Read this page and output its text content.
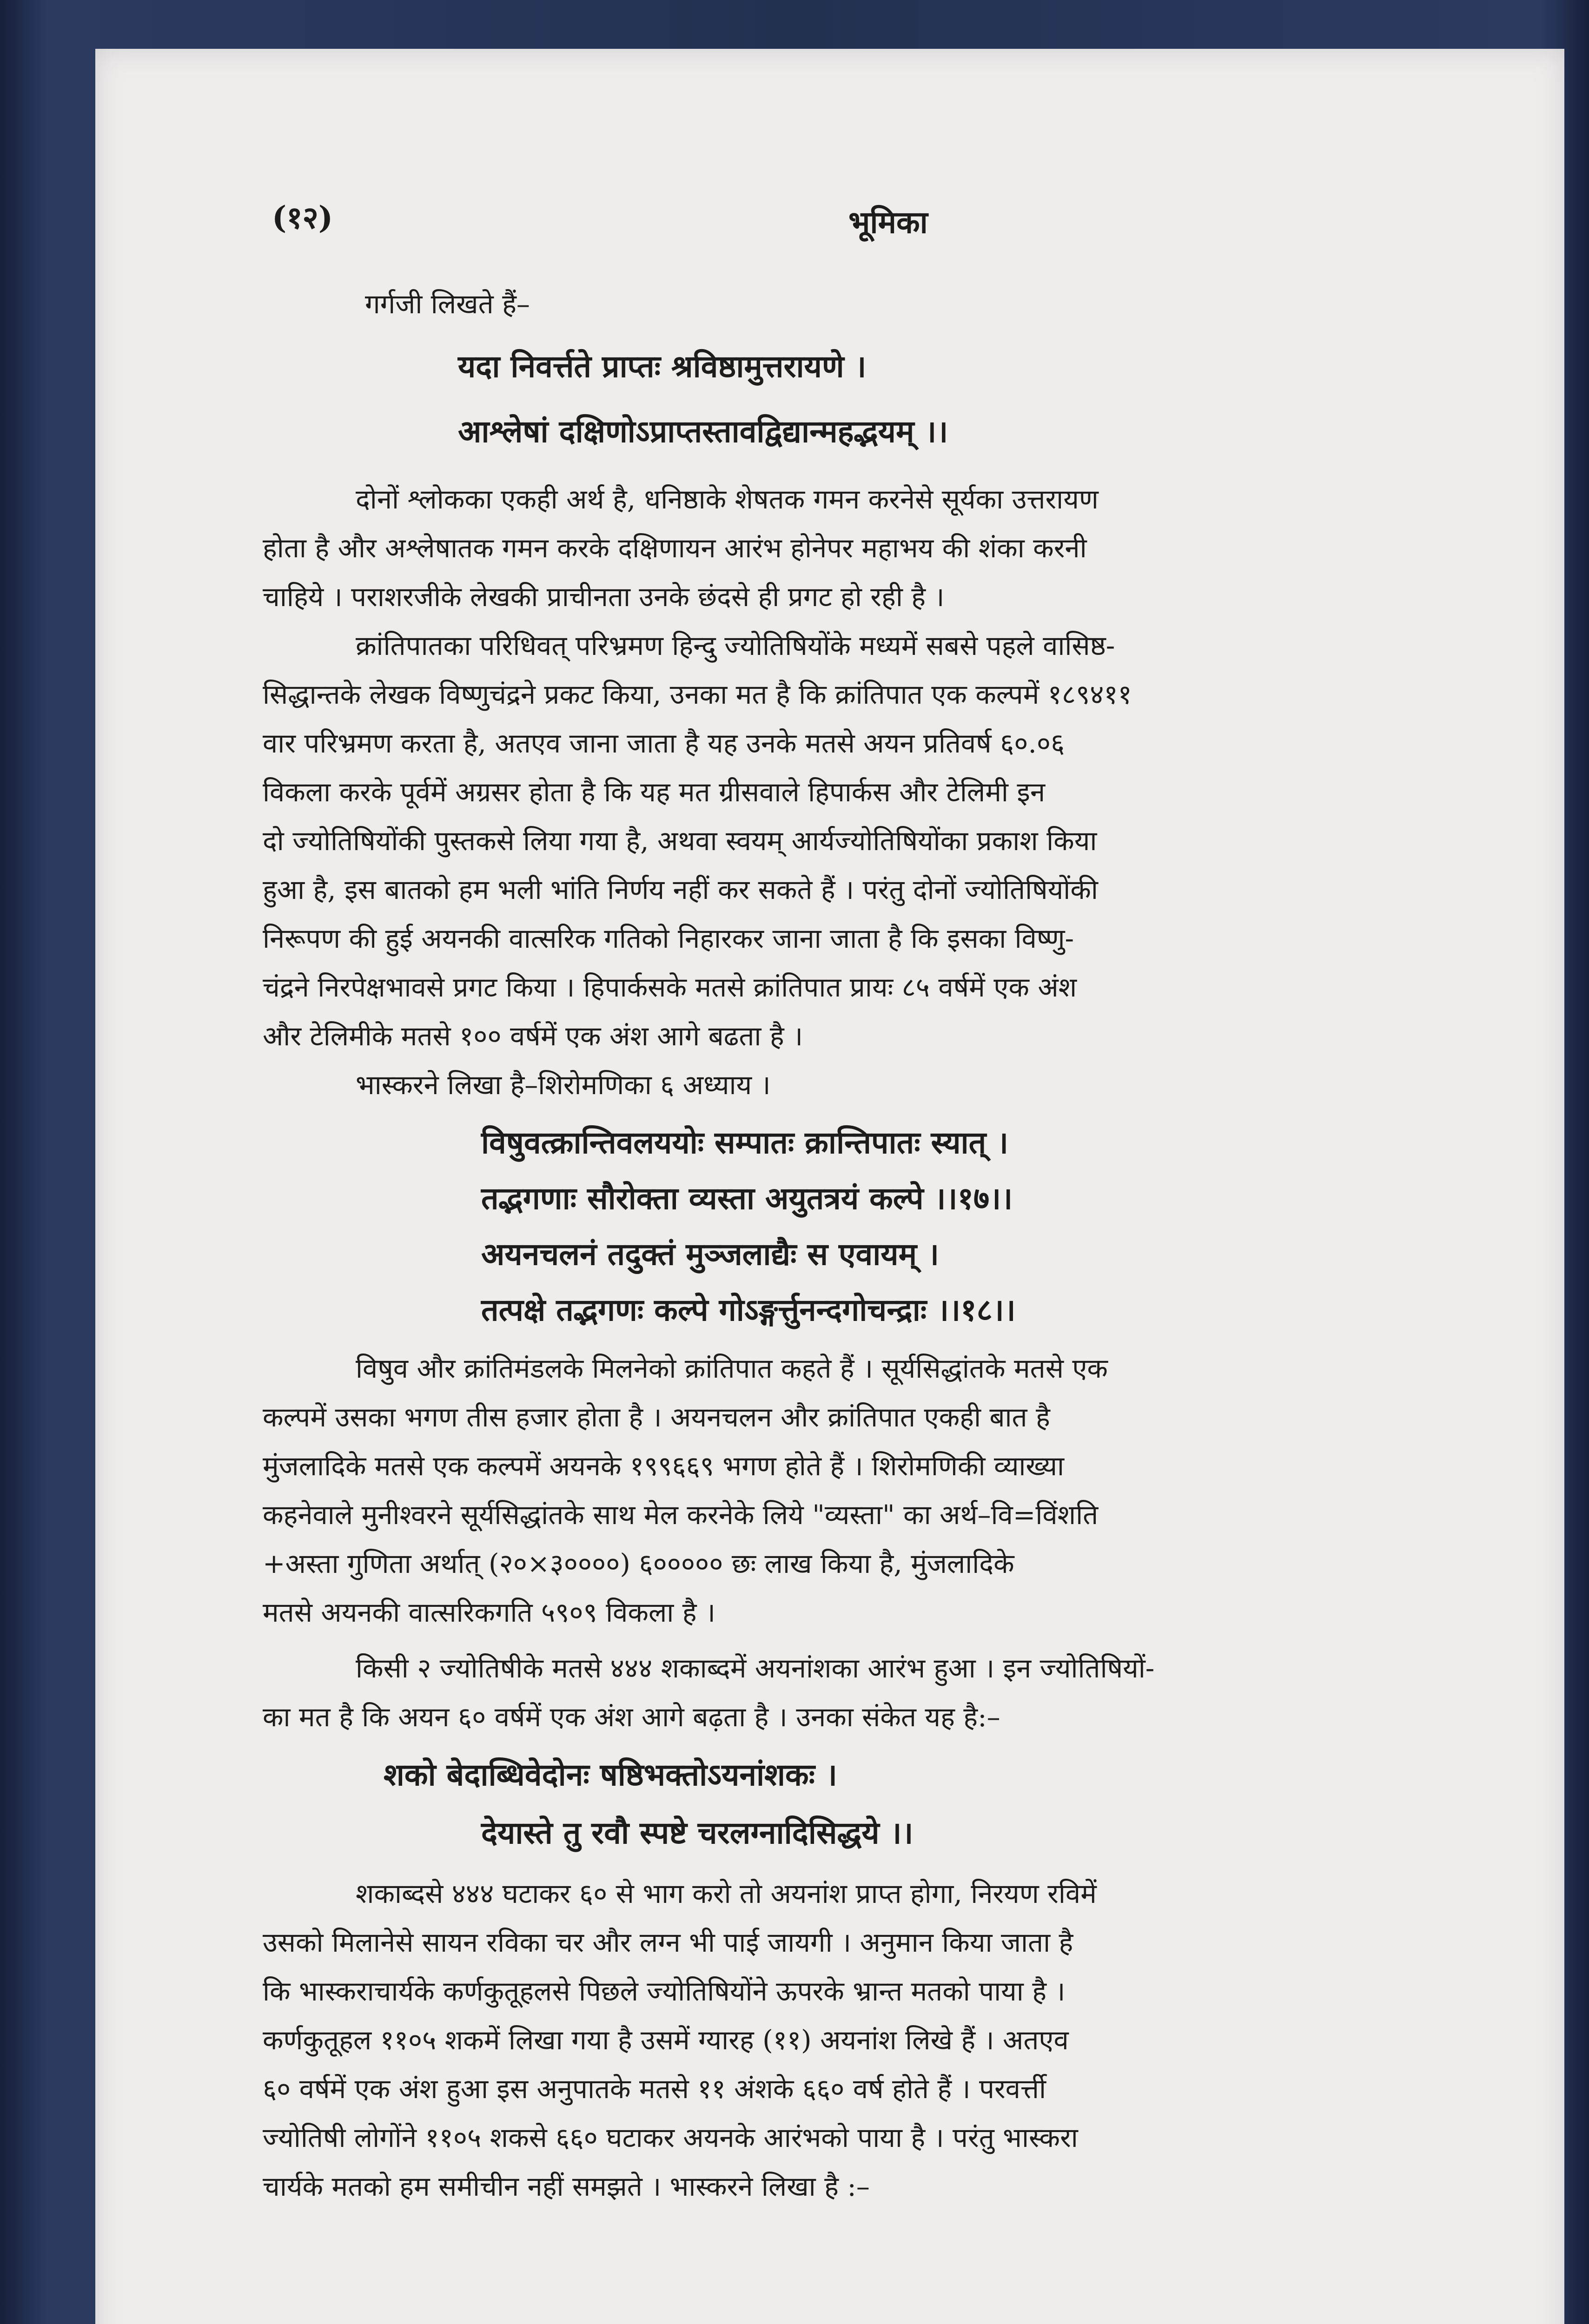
(१२)	भूमिका
गर्गजी लिखते हैं–
यदा निवर्त्तते प्राप्तः श्रविष्ठामुत्तरायणे ।
आश्लेषां दक्षिणोऽप्राप्तस्तावद्विद्यान्महद्भयम् ।।
दोनों श्लोकका एकही अर्थ है, धनिष्ठाके शेषतक गमन करनेसे सूर्यका उत्तरायण
होता है और अश्लेषातक गमन करके दक्षिणायन आरंभ होनेपर महाभय की शंका करनी
चाहिये । पराशरजीके लेखकी प्राचीनता उनके छंदसे ही प्रगट हो रही है ।
क्रांतिपातका परिधिवत् परिभ्रमण हिन्दु ज्योतिषियोंके मध्यमें सबसे पहले वासिष्ठ-
सिद्धान्तके लेखक विष्णुचंद्रने प्रकट किया, उनका मत है कि क्रांतिपात एक कल्पमें १८९४११
वार परिभ्रमण करता है, अतएव जाना जाता है यह उनके मतसे अयन प्रतिवर्ष ६०.०६
विकला करके पूर्वमें अग्रसर होता है कि यह मत ग्रीसवाले हिपार्कस और टेलिमी इन
दो ज्योतिषियोंकी पुस्तकसे लिया गया है, अथवा स्वयम् आर्यज्योतिषियोंका प्रकाश किया
हुआ है, इस बातको हम भली भांति निर्णय नहीं कर सकते हैं । परंतु दोनों ज्योतिषियोंकी
निरूपण की हुई अयनकी वात्सरिक गतिको निहारकर जाना जाता है कि इसका विष्णु-
चंद्रने निरपेक्षभावसे प्रगट किया । हिपार्कसके मतसे क्रांतिपात प्रायः ८५ वर्षमें एक अंश
और टेलिमीके मतसे १०० वर्षमें एक अंश आगे बढता है ।
भास्करने लिखा है–शिरोमणिका ६ अध्याय ।
विषुवत्क्रान्तिवलययोः सम्पातः क्रान्तिपातः स्यात् ।
तद्भगणाः सौरोक्ता व्यस्ता अयुतत्रयं कल्पे ।।१७।।
अयनचलनं तदुक्तं मुञ्जलाद्यैः स एवायम् ।
तत्पक्षे तद्भगणः कल्पे गोऽङ्गर्त्तुनन्दगोचन्द्राः ।।१८।।
विषुव और क्रांतिमंडलके मिलनेको क्रांतिपात कहते हैं । सूर्यसिद्धांतके मतसे एक
कल्पमें उसका भगण तीस हजार होता है । अयनचलन और क्रांतिपात एकही बात है
मुंजलादिके मतसे एक कल्पमें अयनके १९९६६९ भगण होते हैं । शिरोमणिकी व्याख्या
कहनेवाले मुनीश्वरने सूर्यसिद्धांतके साथ मेल करनेके लिये "व्यस्ता" का अर्थ–वि=विंशति
+अस्ता गुणिता अर्थात् (२०×३००००) ६००००० छः लाख किया है, मुंजलादिके
मतसे अयनकी वात्सरिकगति ५९०९ विकला है ।
किसी २ ज्योतिषीके मतसे ४४४ शकाब्दमें अयनांशका आरंभ हुआ । इन ज्योतिषियों-
का मत है कि अयन ६० वर्षमें एक अंश आगे बढ़ता है । उनका संकेत यह है:–
शको बेदाब्धिवेदोनः षष्ठिभक्तोऽयनांशकः ।
देयास्ते तु रवौ स्पष्टे चरलग्नादिसिद्धये ।।
शकाब्दसे ४४४ घटाकर ६० से भाग करो तो अयनांश प्राप्त होगा, निरयण रविमें
उसको मिलानेसे सायन रविका चर और लग्न भी पाई जायगी । अनुमान किया जाता है
कि भास्कराचार्यके कर्णकुतूहलसे पिछले ज्योतिषियोंने ऊपरके भ्रान्त मतको पाया है ।
कर्णकुतूहल ११०५ शकमें लिखा गया है उसमें ग्यारह (११) अयनांश लिखे हैं । अतएव
६० वर्षमें एक अंश हुआ इस अनुपातके मतसे ११ अंशके ६६० वर्ष होते हैं । परवर्त्ती
ज्योतिषी लोगोंने ११०५ शकसे ६६० घटाकर अयनके आरंभको पाया है । परंतु भास्करा
चार्यके मतको हम समीचीन नहीं समझते । भास्करने लिखा है :–
